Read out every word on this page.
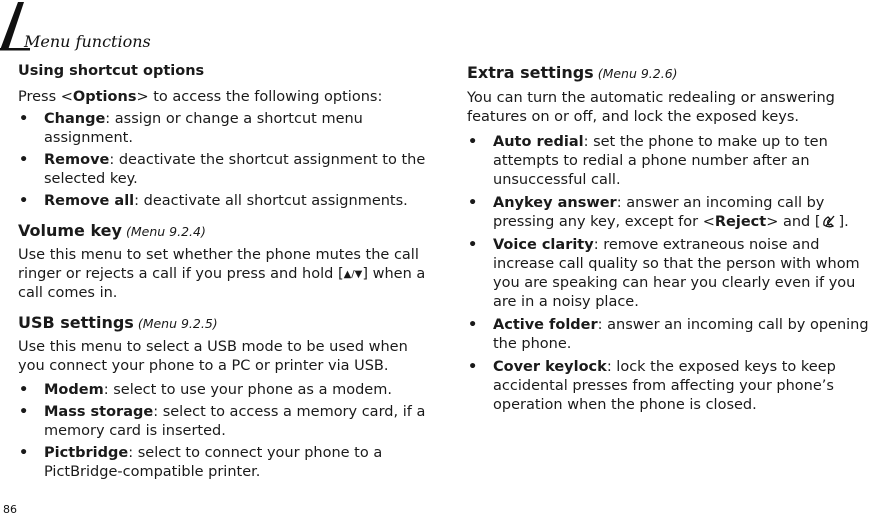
Menu functions
Using shortcut options

Press <Options> to access the following options:

• Change: assign or change a shortcut menu assignment.
• Remove: deactivate the shortcut assignment to the selected key.
• Remove all: deactivate all shortcut assignments.
Volume key (Menu 9.2.4)

Use this menu to set whether the phone mutes the call ringer or rejects a call if you press and hold [▲/▼] when a call comes in.

USB settings (Menu 9.2.5)

Use this menu to select a USB mode to be used when you connect your phone to a PC or printer via USB.

• Modem: select to use your phone as a modem.
• Mass storage: select to access a memory card, if a memory card is inserted.
• Pictbridge: select to connect your phone to a PictBridge-compatible printer.
Extra settings (Menu 9.2.6)

You can turn the automatic redealing or answering features on or off, and lock the exposed keys.

• Auto redial: set the phone to make up to ten attempts to redial a phone number after an unsuccessful call.
• Anykey answer: answer an incoming call by pressing any key, except for <Reject> and [ ].
• Voice clarity: remove extraneous noise and increase call quality so that the person with whom you are speaking can hear you clearly even if you are in a noisy place.
• Active folder: answer an incoming call by opening the phone.
• Cover keylock: lock the exposed keys to keep accidental presses from affecting your phone’s operation when the phone is closed.
86
